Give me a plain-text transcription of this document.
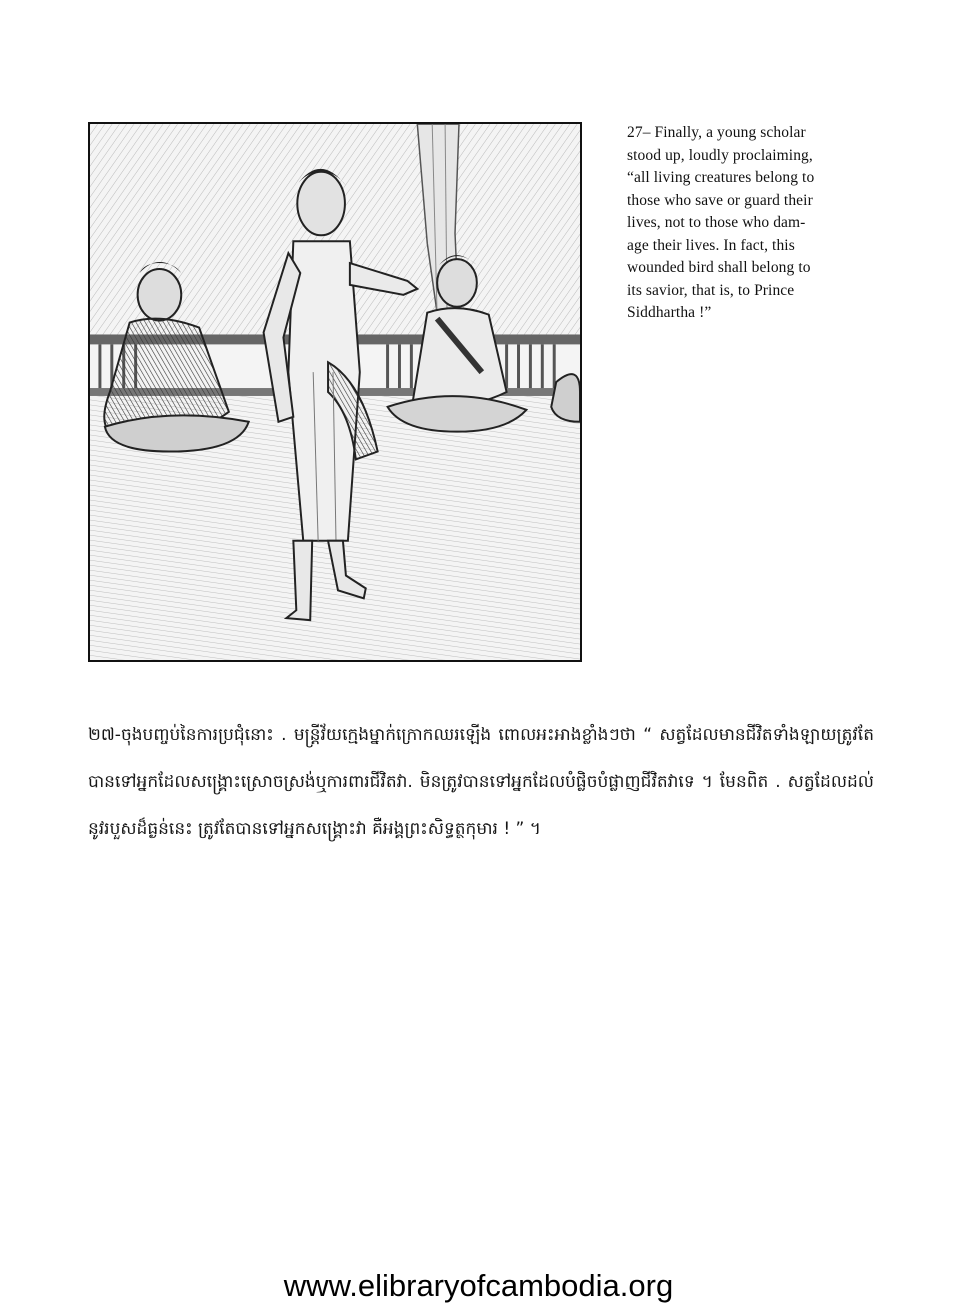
27– Finally, a young scholar
stood up, loudly proclaiming,
“all living creatures belong to
those who save or guard their
lives, not to those who dam-
age their lives. In fact, this
wounded bird shall belong to
its savior, that is, to Prince
Siddhartha !”
២៧-ចុងបញ្ចប់នៃការប្រជុំនោះ . មន្ត្រីវ័យក្មេងម្នាក់ក្រោកឈរឡើង ពោលអះអាងខ្លាំងៗថា “ សត្វដែលមានជីវិតទាំងឡាយត្រូវតែបានទៅអ្នកដែលសង្គ្រោះស្រោចស្រង់ឬការពារជីវិតវា. មិនត្រូវបានទៅអ្នកដែលបំផ្លិចបំផ្លាញជីវិតវាទេ ។ មែនពិត . សត្វដែលដល់នូវរបួសដ៏ធ្ងន់នេះ ត្រូវតែបានទៅអ្នកសង្គ្រោះវា គឺអង្គព្រះសិទ្ធត្ថកុមារ ! ” ។
www.elibraryofcambodia.org
